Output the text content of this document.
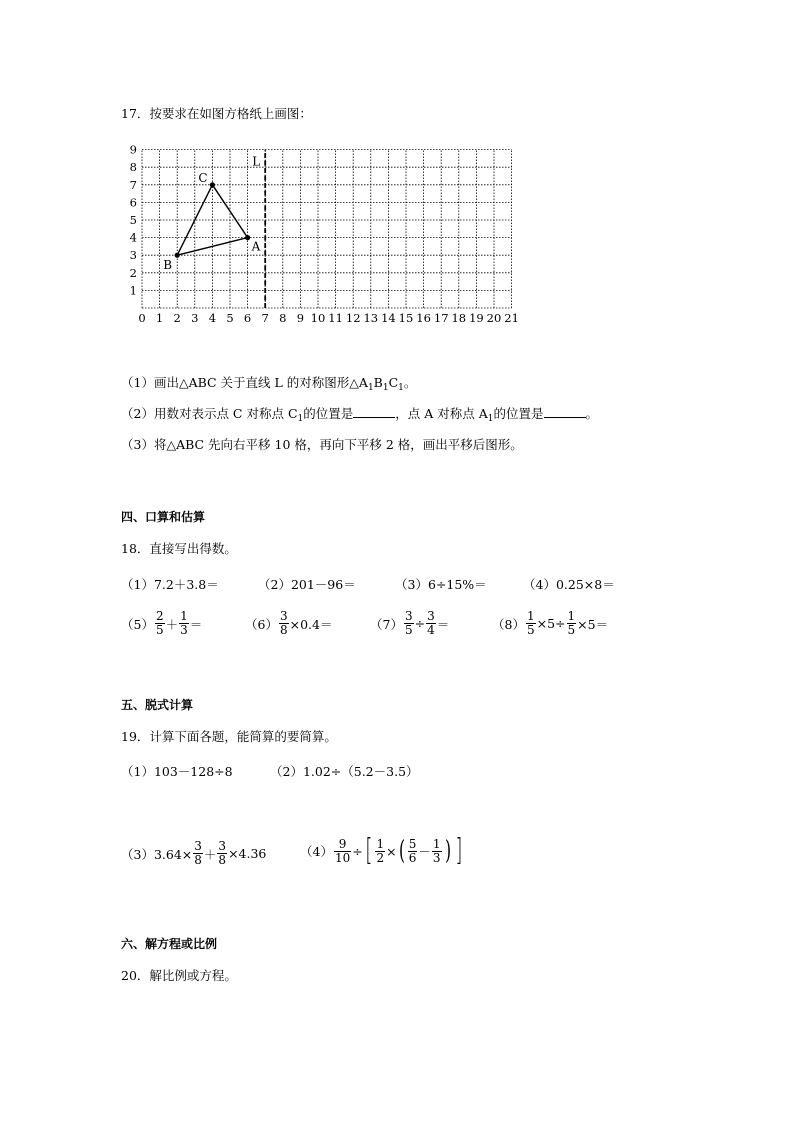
17．按要求在如图方格纸上画图：
L
0 1 2 3 4 5 6 7 8 9 10 11 12 13 14 15 16 17 18 19 20 21
1
2
3
4
5
6
7
8
9
A
B
C
（1）画出△ABC 关于直线 L 的对称图形$\triangle A_1B_1C_1$。
（2）用数对表示点 C 对称点 $C_1$的位置是	，点 A 对称点 $A_1$的位置是	。
（3）将△ABC 先向右平移 10 格，再向下平移 2 格，画出平移后图形。
四、口算和估算
18．直接写出得数。
（1）7.2＋3.8＝	（2）201－96＝	（3）6÷15%＝	（4）0.25×8＝
$(5) \frac{2}{5} + \frac{1}{3}$ ＝	$(6) \frac{3}{8} \times 0.4=$	$(7) \frac{3}{5} \div \frac{3}{4}$ ＝	$(8) \frac{1}{5} \times 5\div \frac{1}{5} \times 5=$
五、脱式计算
19．计算下面各题，能简算的要简算。
（1）103－128÷8	（2）1.02÷（5.2－3.5）
$(3)3.64\times \frac{3}{8} + \frac{3}{8} \times 4.36$	$(4) \frac{9}{10}$ ÷ [ $\frac{1}{2}$ × ( $\frac{5}{6} - \frac{1}{3}$ ) ]
六、解方程或比例
20．解比例或方程。
